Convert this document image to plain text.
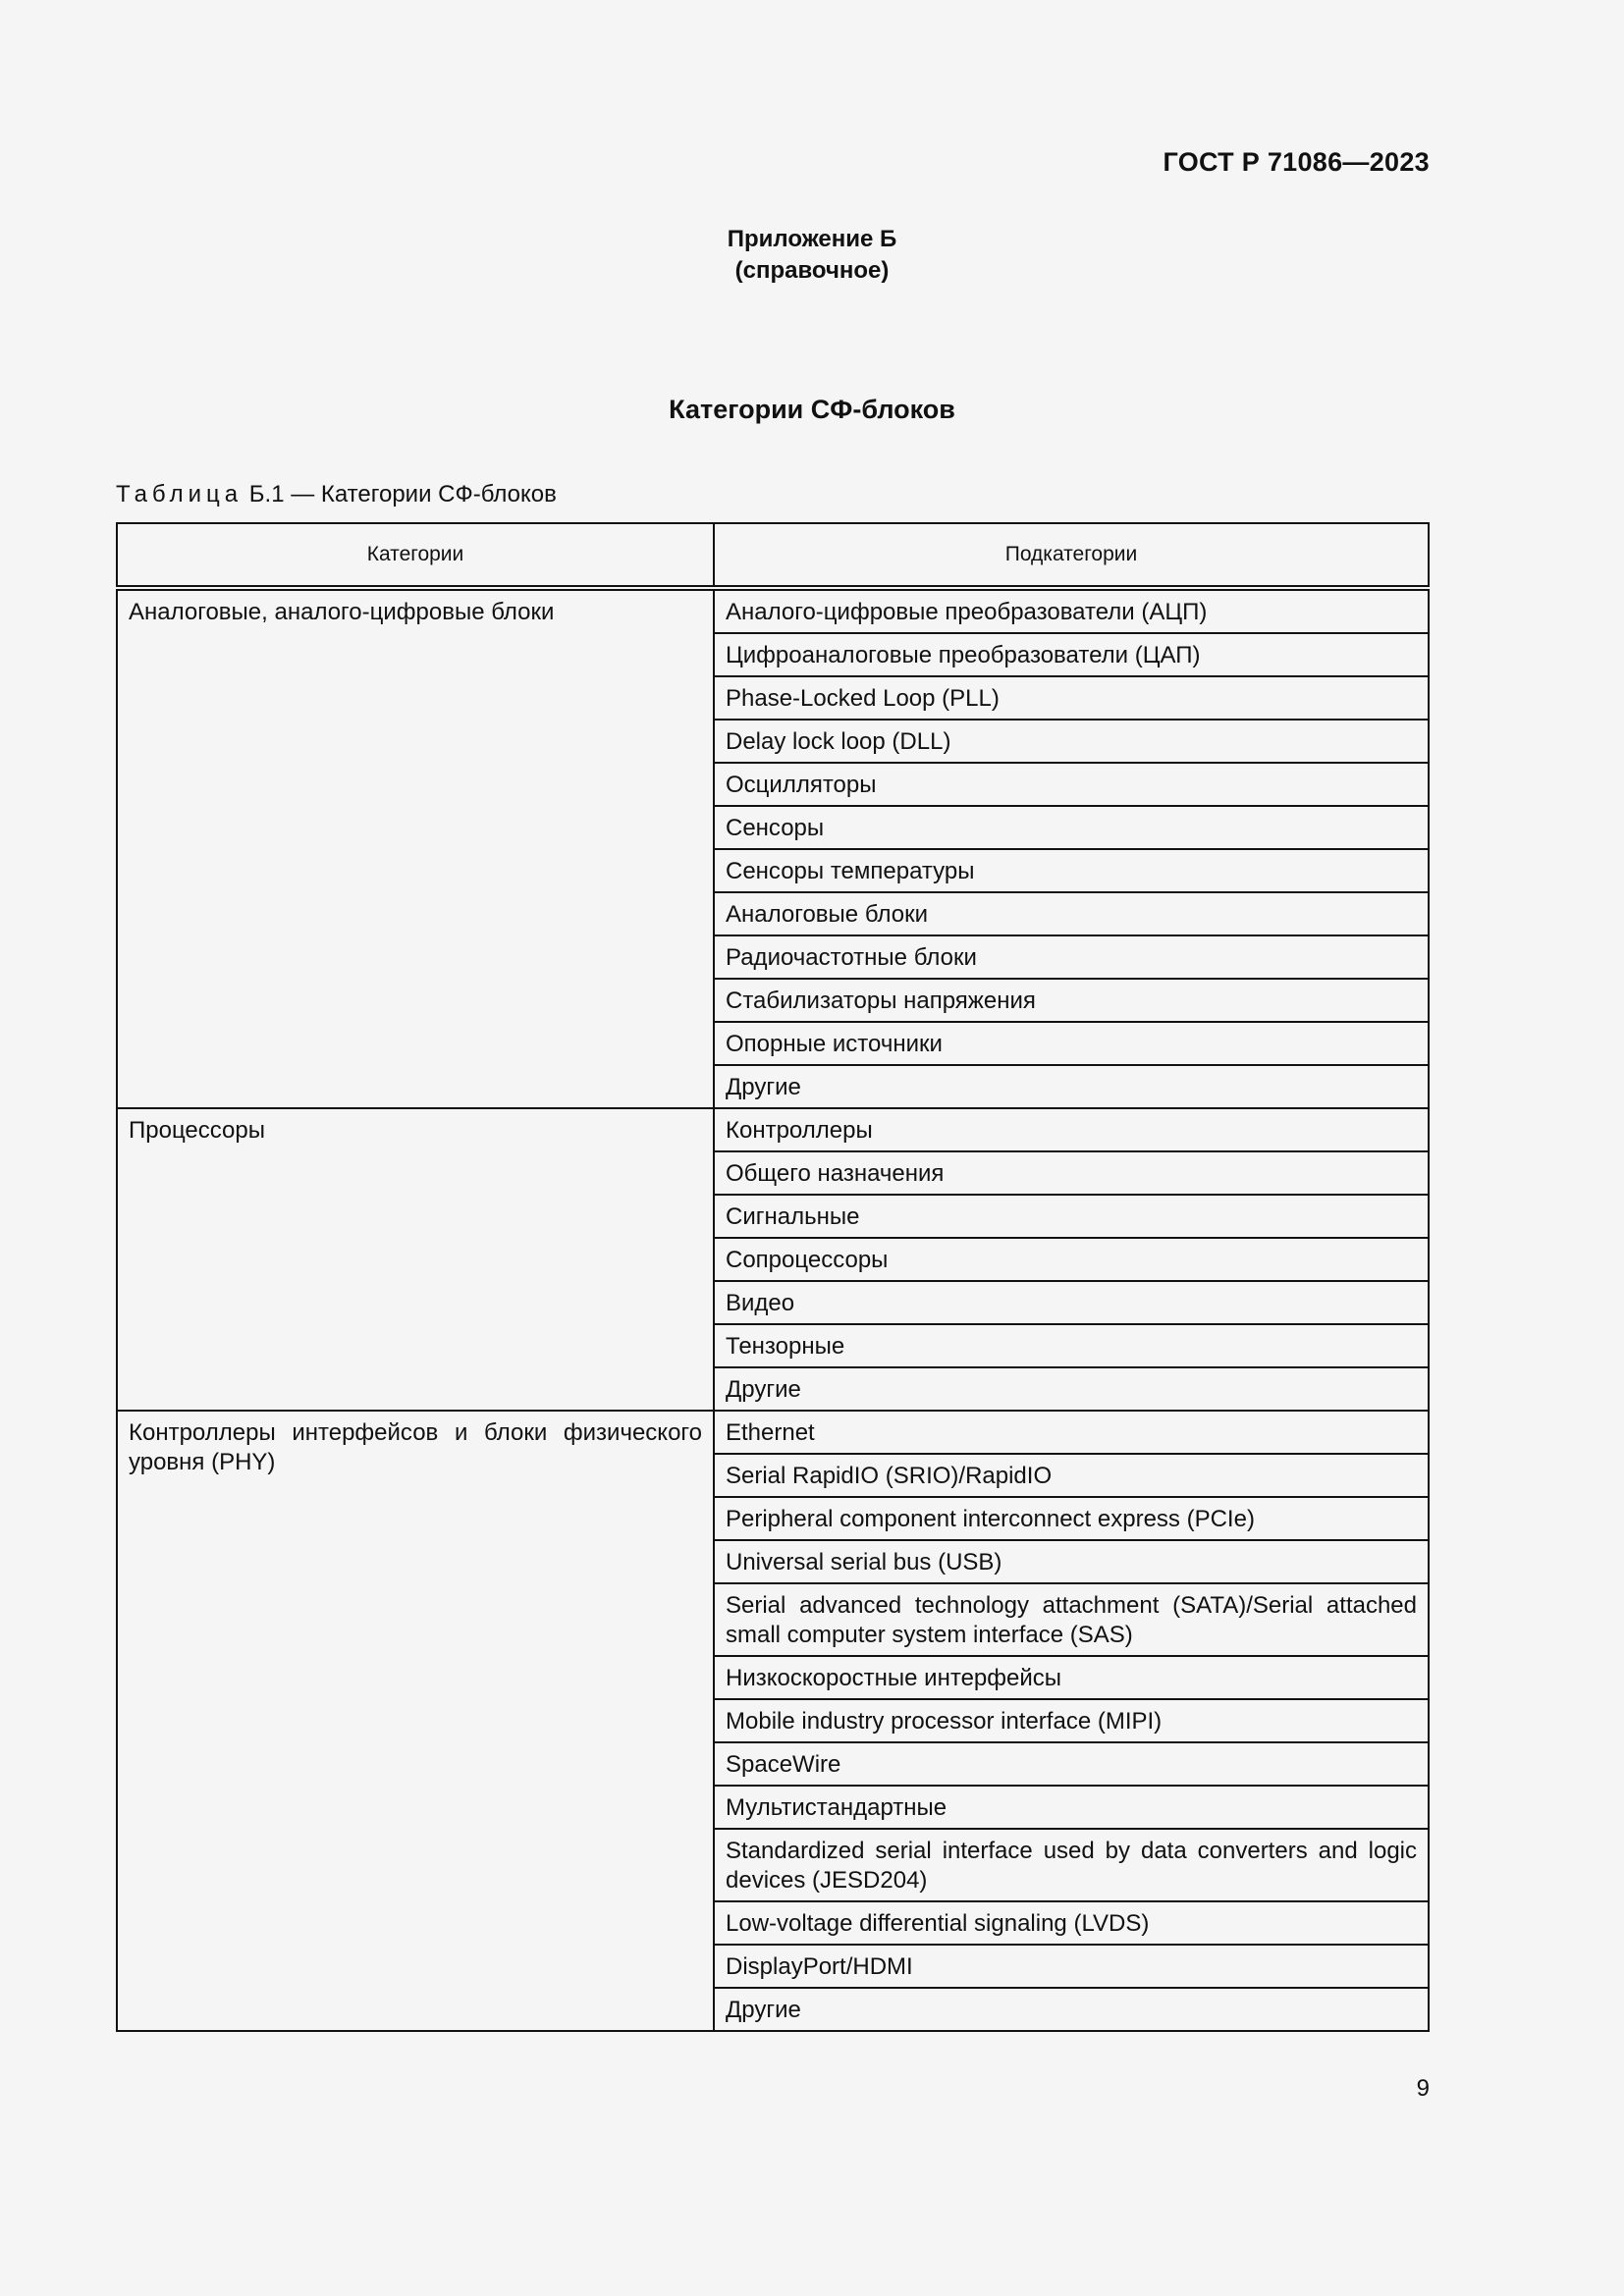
ГОСТ Р 71086—2023
Приложение Б
(справочное)
Категории СФ-блоков
Таблица Б.1 — Категории СФ-блоков
Категории	Подкатегории
Аналоговые, аналого-цифровые блоки	Аналого-цифровые преобразователи (АЦП)
	Цифроаналоговые преобразователи (ЦАП)
	Phase-Locked Loop (PLL)
	Delay lock loop (DLL)
	Осцилляторы
	Сенсоры
	Сенсоры температуры
	Аналоговые блоки
	Радиочастотные блоки
	Стабилизаторы напряжения
	Опорные источники
	Другие
Процессоры	Контроллеры
	Общего назначения
	Сигнальные
	Сопроцессоры
	Видео
	Тензорные
	Другие
Контроллеры интерфейсов и блоки физического уровня (PHY)	Ethernet
	Serial RapidIO (SRIO)/RapidIO
	Peripheral component interconnect express (PCIe)
	Universal serial bus (USB)
	Serial advanced technology attachment (SATA)/Serial attached small computer system interface (SAS)
	Низкоскоростные интерфейсы
	Mobile industry processor interface (MIPI)
	SpaceWire
	Мультистандартные
	Standardized serial interface used by data converters and logic devices (JESD204)
	Low-voltage differential signaling (LVDS)
	DisplayPort/HDMI
	Другие
9
